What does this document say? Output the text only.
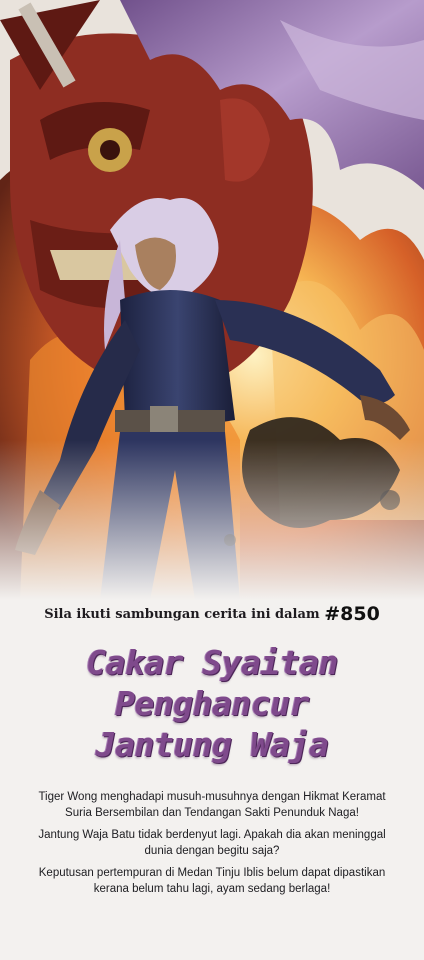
Sila ikuti sambungan cerita ini dalam #850
Cakar Syaitan
Penghancur
Jantung Waja

Tiger Wong menghadapi musuh-musuhnya dengan Hikmat Keramat Suria Bersembilan dan Tendangan Sakti Penunduk Naga!

Jantung Waja Batu tidak berdenyut lagi. Apakah dia akan meninggal dunia dengan begitu saja?

Keputusan pertempuran di Medan Tinju Iblis belum dapat dipastikan kerana belum tahu lagi, ayam sedang berlaga!
